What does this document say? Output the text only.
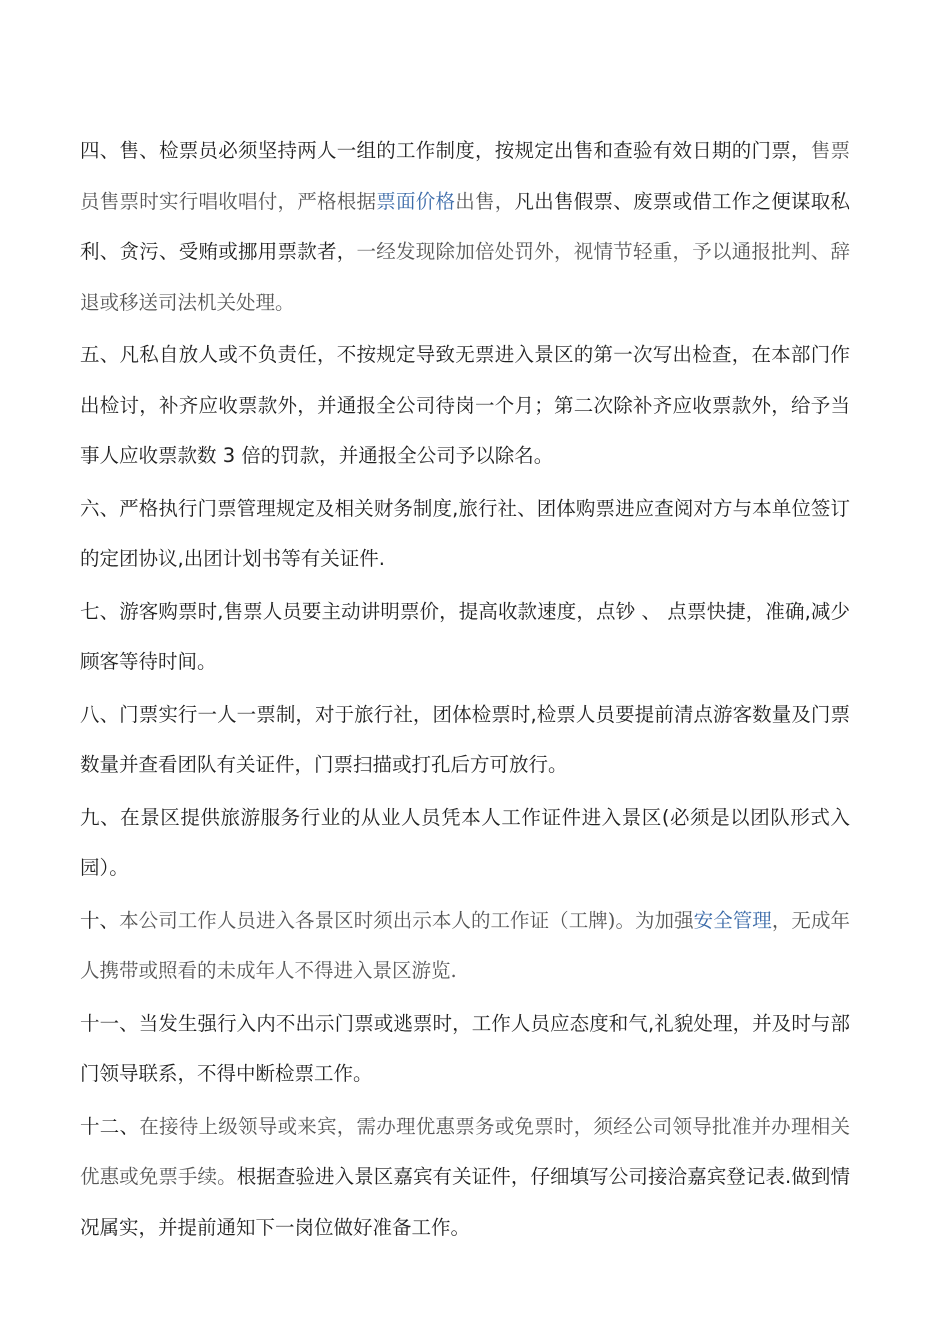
四、售、检票员必须坚持两人一组的工作制度，按规定出售和查验有效日期的门票，售票员售票时实行唱收唱付，严格根据票面价格出售，凡出售假票、废票或借工作之便谋取私利、贪污、受贿或挪用票款者，一经发现除加倍处罚外，视情节轻重，予以通报批判、辞退或移送司法机关处理。

五、凡私自放人或不负责任，不按规定导致无票进入景区的第一次写出检查，在本部门作出检讨，补齐应收票款外，并通报全公司待岗一个月；第二次除补齐应收票款外，给予当事人应收票款数 3 倍的罚款，并通报全公司予以除名。

六、严格执行门票管理规定及相关财务制度,旅行社、团体购票进应查阅对方与本单位签订的定团协议,出团计划书等有关证件.

七、游客购票时,售票人员要主动讲明票价，提高收款速度，点钞 、 点票快捷，准确,减少顾客等待时间。

八、门票实行一人一票制，对于旅行社，团体检票时,检票人员要提前清点游客数量及门票数量并查看团队有关证件，门票扫描或打孔后方可放行。

九、在景区提供旅游服务行业的从业人员凭本人工作证件进入景区(必须是以团队形式入园）。

十、本公司工作人员进入各景区时须出示本人的工作证（工牌)。为加强安全管理，无成年人携带或照看的未成年人不得进入景区游览.

十一、当发生强行入内不出示门票或逃票时，工作人员应态度和气,礼貌处理，并及时与部门领导联系，不得中断检票工作。

十二、在接待上级领导或来宾，需办理优惠票务或免票时，须经公司领导批准并办理相关优惠或免票手续。根据查验进入景区嘉宾有关证件，仔细填写公司接洽嘉宾登记表.做到情况属实，并提前通知下一岗位做好准备工作。
